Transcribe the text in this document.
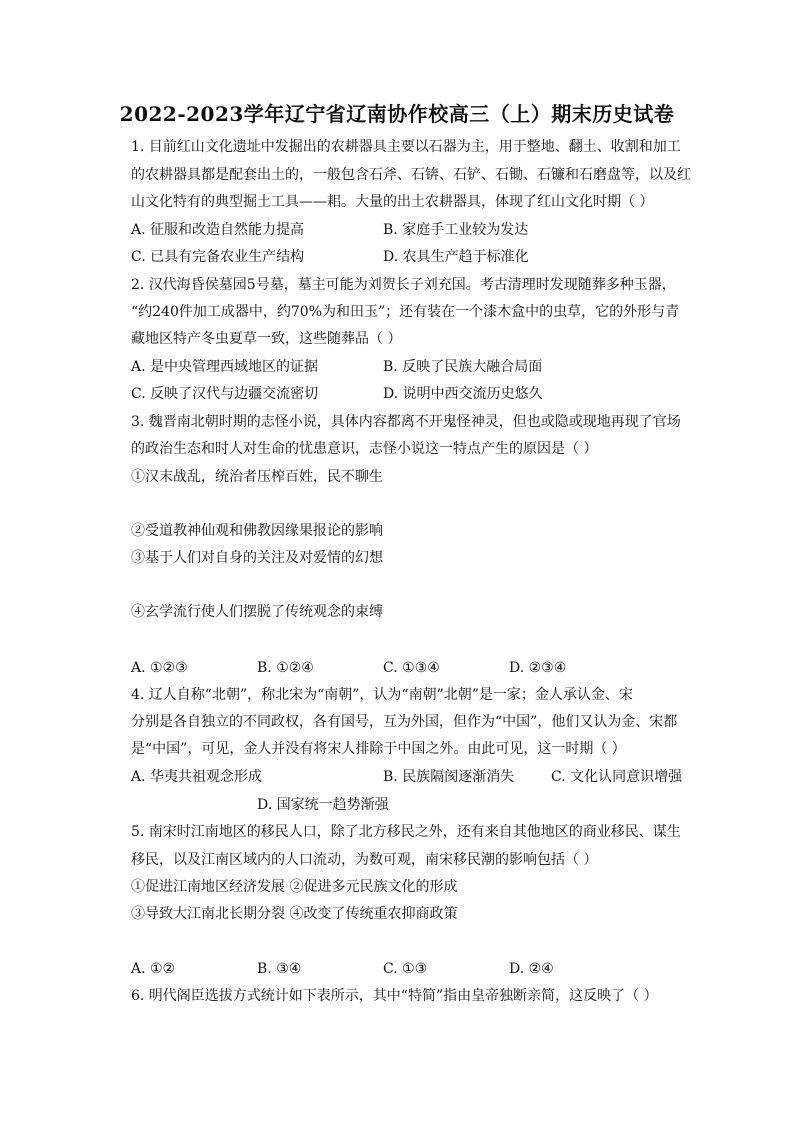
2022-2023学年辽宁省辽南协作校高三（上）期末历史试卷
1. 目前红山文化遗址中发掘出的农耕器具主要以石器为主，用于整地、翻土、收割和加工
的农耕器具都是配套出土的，一般包含石斧、石锛、石铲、石锄、石镰和石磨盘等，以及红
山文化特有的典型掘土工具——耜。大量的出土农耕器具，体现了红山文化时期（ ）
A. 征服和改造自然能力提高	B. 家庭手工业较为发达
C. 已具有完备农业生产结构	D. 农具生产趋于标准化
2. 汉代海昏侯墓园5号墓，墓主可能为刘贺长子刘充国。考古清理时发现随葬多种玉器，
“约240件加工成器中，约70%为和田玉”；还有装在一个漆木盒中的虫草，它的外形与青
藏地区特产冬虫夏草一致，这些随葬品（ ）
A. 是中央管理西域地区的证据	B. 反映了民族大融合局面
C. 反映了汉代与边疆交流密切	D. 说明中西交流历史悠久
3. 魏晋南北朝时期的志怪小说，具体内容都离不开鬼怪神灵，但也或隐或现地再现了官场
的政治生态和时人对生命的忧患意识，志怪小说这一特点产生的原因是（ ）
①汉末战乱，统治者压榨百姓，民不聊生
②受道教神仙观和佛教因缘果报论的影响
③基于人们对自身的关注及对爱情的幻想
④玄学流行使人们摆脱了传统观念的束缚
A. ①②③	B. ①②④	C. ①③④	D. ②③④
4. 辽人自称“北朝”，称北宋为“南朝”，认为“南朝”北朝”是一家；金人承认金、宋
分别是各自独立的不同政权，各有国号，互为外国，但作为“中国”，他们又认为金、宋都
是“中国”，可见，金人并没有将宋人排除于中国之外。由此可见，这一时期（ ）
A. 华夷共祖观念形成	B. 民族隔阂逐渐消失	C. 文化认同意识增强
D. 国家统一趋势渐强
5. 南宋时江南地区的移民人口，除了北方移民之外，还有来自其他地区的商业移民、谋生
移民，以及江南区域内的人口流动，为数可观，南宋移民潮的影响包括（ ）
①促进江南地区经济发展 ②促进多元民族文化的形成
③导致大江南北长期分裂 ④改变了传统重农抑商政策
A. ①②	B. ③④	C. ①③	D. ②④
6. 明代阁臣选拔方式统计如下表所示，其中“特简”指由皇帝独断亲简，这反映了（ ）
